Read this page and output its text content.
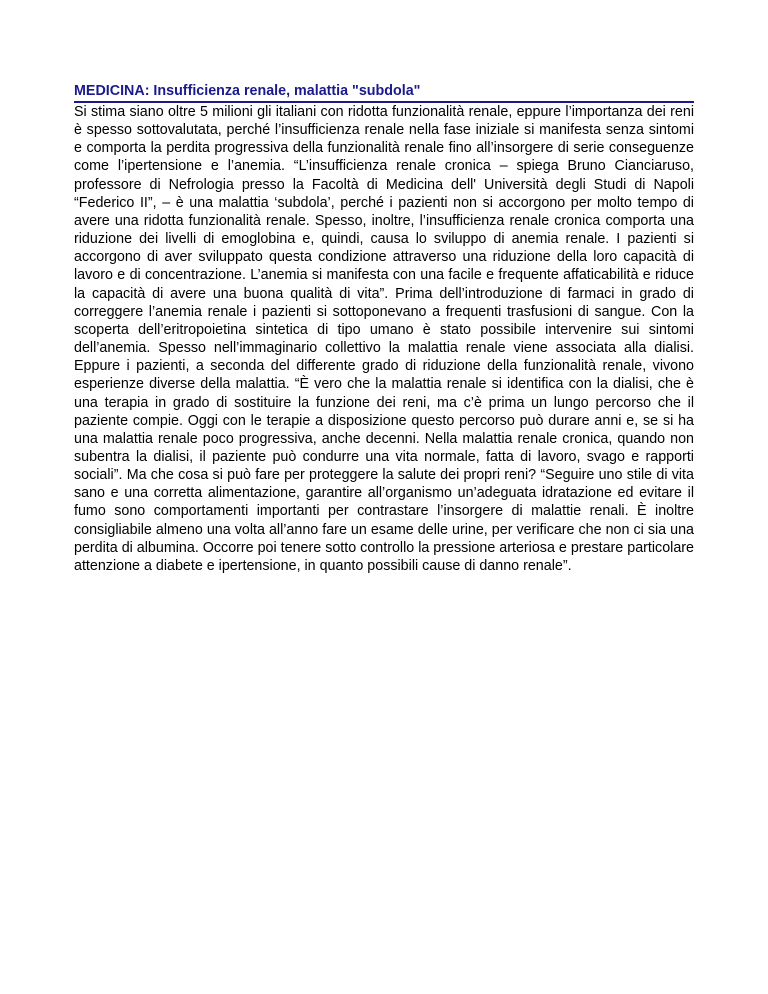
MEDICINA: Insufficienza renale, malattia "subdola"

Si stima siano oltre 5 milioni gli italiani con ridotta funzionalità renale, eppure l’importanza dei reni è spesso sottovalutata, perché l’insufficienza renale nella fase iniziale si manifesta senza sintomi e comporta la perdita progressiva della funzionalità renale fino all’insorgere di serie conseguenze come l’ipertensione e l’anemia. “L’insufficienza renale cronica – spiega Bruno Cianciaruso, professore di Nefrologia presso la Facoltà di Medicina dell' Università degli Studi di Napoli “Federico II”, – è una malattia ‘subdola’, perché i pazienti non si accorgono per molto tempo di avere una ridotta funzionalità renale. Spesso, inoltre, l’insufficienza renale cronica comporta una riduzione dei livelli di emoglobina e, quindi, causa lo sviluppo di anemia renale. I pazienti si accorgono di aver sviluppato questa condizione attraverso una riduzione della loro capacità di lavoro e di concentrazione. L’anemia si manifesta con una facile e frequente affaticabilità e riduce la capacità di avere una buona qualità di vita”. Prima dell’introduzione di farmaci in grado di correggere l’anemia renale i pazienti si sottoponevano a frequenti trasfusioni di sangue. Con la scoperta dell’eritropoietina sintetica di tipo umano è stato possibile intervenire sui sintomi dell’anemia. Spesso nell’immaginario collettivo la malattia renale viene associata alla dialisi. Eppure i pazienti, a seconda del differente grado di riduzione della funzionalità renale, vivono esperienze diverse della malattia. “È vero che la malattia renale si identifica con la dialisi, che è una terapia in grado di sostituire la funzione dei reni, ma c’è prima un lungo percorso che il paziente compie. Oggi con le terapie a disposizione questo percorso può durare anni e, se si ha una malattia renale poco progressiva, anche decenni. Nella malattia renale cronica, quando non subentra la dialisi, il paziente può condurre una vita normale, fatta di lavoro, svago e rapporti sociali”. Ma che cosa si può fare per proteggere la salute dei propri reni? “Seguire uno stile di vita sano e una corretta alimentazione, garantire all’organismo un’adeguata idratazione ed evitare il fumo sono comportamenti importanti per contrastare l’insorgere di malattie renali. È inoltre consigliabile almeno una volta all’anno fare un esame delle urine, per verificare che non ci sia una perdita di albumina. Occorre poi tenere sotto controllo la pressione arteriosa e prestare particolare attenzione a diabete e ipertensione, in quanto possibili cause di danno renale”.
